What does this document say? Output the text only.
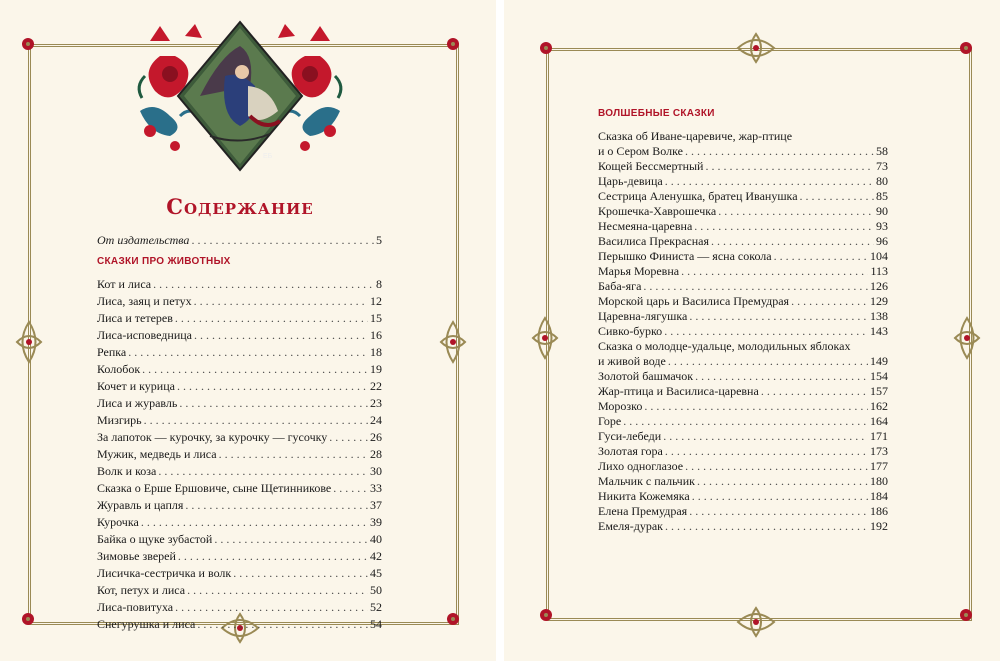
ЕБ
Содержание
От издательства . . .	5
СКАЗКИ ПРО ЖИВОТНЫХ
Кот и лиса . . .	8
Лиса, заяц и петух . . .	12
Лиса и тетерев . . .	15
Лиса-исповедница . . .	16
Репка . . .	18
Колобок . . .	19
Кочет и курица . . .	22
Лиса и журавль . . .	23
Мизгирь . . .	24
За лапоток — курочку, за курочку — гусочку . . .	26
Мужик, медведь и лиса . . .	28
Волк и коза . . .	30
Сказка о Ерше Ершовиче, сыне Щетинникове . . .	33
Журавль и цапля . . .	37
Курочка . . .	39
Байка о щуке зубастой . . .	40
Зимовье зверей . . .	42
Лисичка-сестричка и волк . . .	45
Кот, петух и лиса . . .	50
Лиса-повитуха . . .	52
Снегурушка и лиса . . .	54
ВОЛШЕБНЫЕ СКАЗКИ
Сказка об Иване-царевиче, жар-птице
и о Сером Волке . . .	58
Кощей Бессмертный . . .	73
Царь-девица . . .	80
Сестрица Аленушка, братец Иванушка . . .	85
Крошечка-Хаврошечка . . .	90
Несмеяна-царевна . . .	93
Василиса Прекрасная . . .	96
Перышко Финиста — ясна сокола . . .	104
Марья Моревна . . .	113
Баба-яга . . .	126
Морской царь и Василиса Премудрая . . .	129
Царевна-лягушка . . .	138
Сивко-бурко . . .	143
Сказка о молодце-удальце, молодильных яблоках
и живой воде . . .	149
Золотой башмачок . . .	154
Жар-птица и Василиса-царевна . . .	157
Морозко . . .	162
Горе . . .	164
Гуси-лебеди . . .	171
Золотая гора . . .	173
Лихо одноглазое . . .	177
Мальчик с пальчик . . .	180
Никита Кожемяка . . .	184
Елена Премудрая . . .	186
Емеля-дурак . . .	192
